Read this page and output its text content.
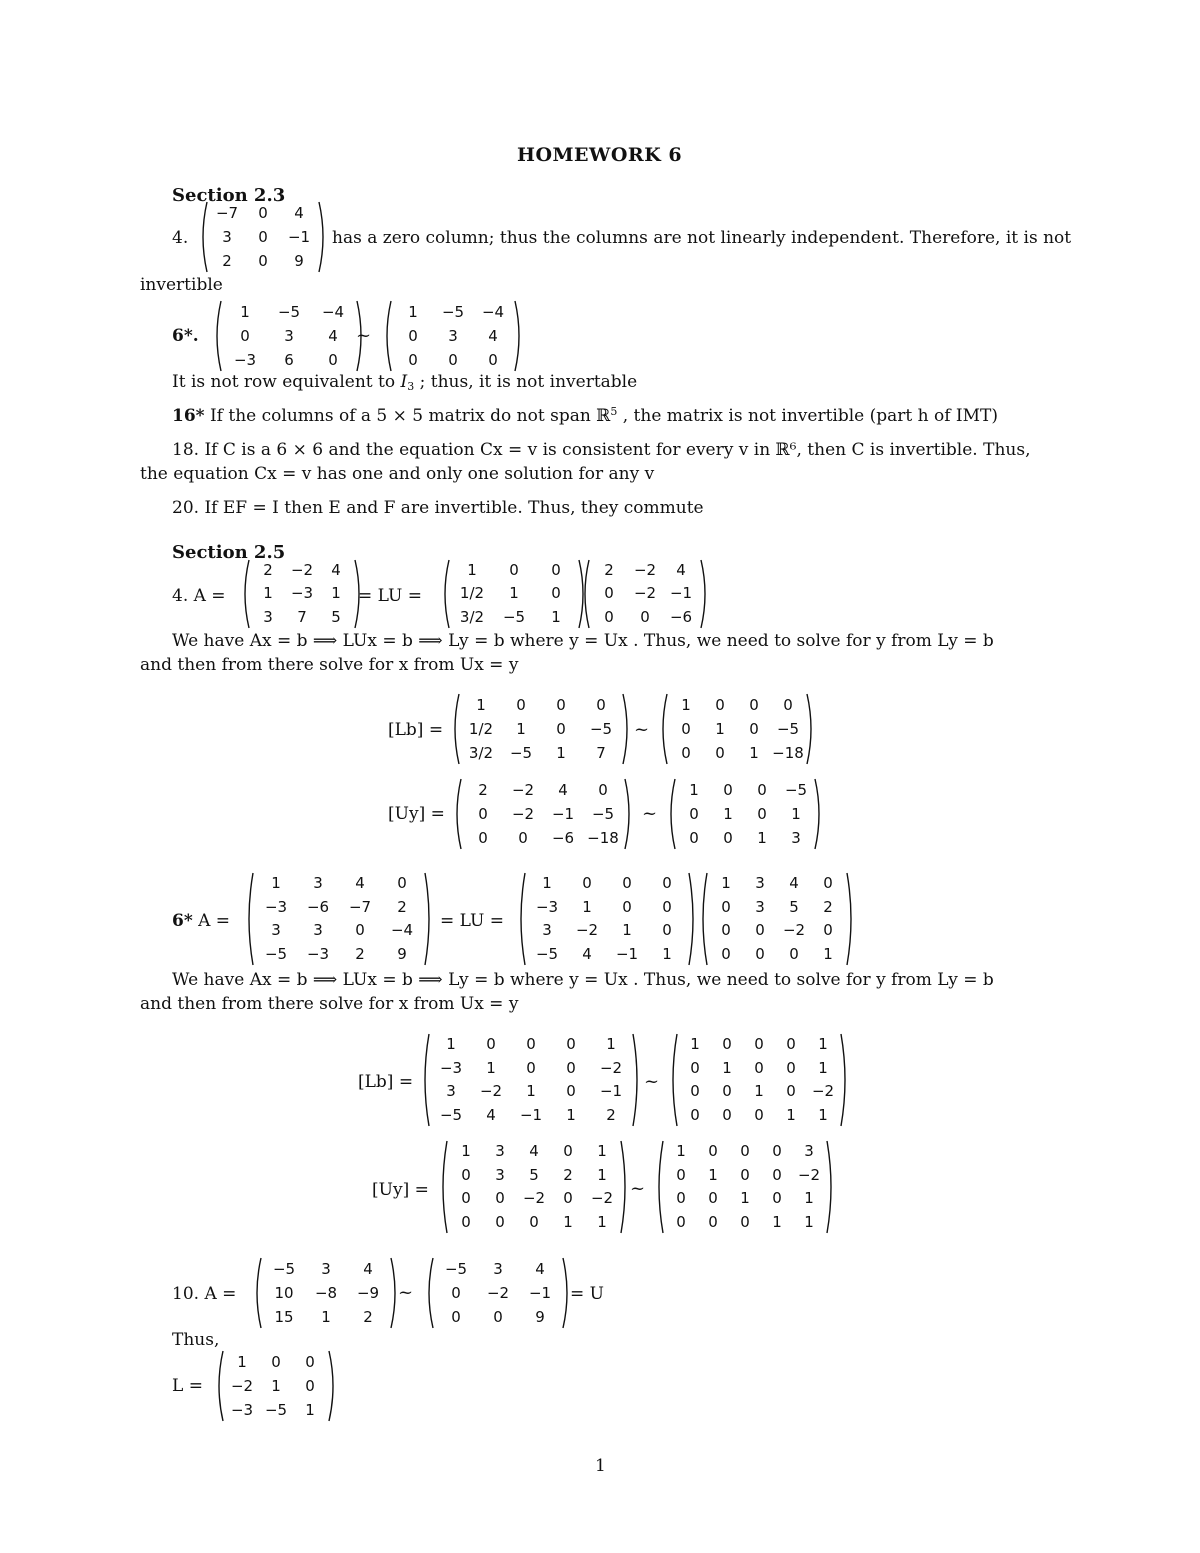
HOMEWORK 6
Section 2.3
4.
−7	0	4
3	0	−1
2	0	9
has a zero column; thus the columns are not linearly independent. Therefore, it is not
invertible
6*.
1	−5	−4
0	3	4
−3	6	0
~
1	−5	−4
0	3	4
0	0	0
It is not row equivalent to $I_3$ ; thus, it is not invertable
16* If the columns of a 5 × 5 matrix do not span ℝ$^5$ , the matrix is not invertible (part h of IMT)
18. If C is a 6 × 6 and the equation Cx = v is consistent for every v in ℝ⁶, then C is invertible. Thus,
the equation Cx = v has one and only one solution for any v
20. If EF = I then E and F are invertible. Thus, they commute
Section 2.5
4. A =
2	−2	4
1	−3	1
3	7	5
= LU =
1	0	0
1/2	1	0
3/2	−5	1
2	−2	4
0	−2	−1
0	0	−6
We have Ax = b ⟹ LUx = b ⟹ Ly = b where y = Ux . Thus, we need to solve for y from Ly = b
and then from there solve for x from Ux = y
[Lb] =
1	0	0	0
1/2	1	0	−5
3/2	−5	1	7
~
1	0	0	0
0	1	0	−5
0	0	1	−18
[Uy] =
2	−2	4	0
0	−2	−1	−5
0	0	−6	−18
~
1	0	0	−5
0	1	0	1
0	0	1	3
6* A =
1	3	4	0
−3	−6	−7	2
3	3	0	−4
−5	−3	2	9
= LU =
1	0	0	0
−3	1	0	0
3	−2	1	0
−5	4	−1	1
1	3	4	0
0	3	5	2
0	0	−2	0
0	0	0	1
We have Ax = b ⟹ LUx = b ⟹ Ly = b where y = Ux . Thus, we need to solve for y from Ly = b
and then from there solve for x from Ux = y
[Lb] =
1	0	0	0	1
−3	1	0	0	−2
3	−2	1	0	−1
−5	4	−1	1	2
~
1	0	0	0	1
0	1	0	0	1
0	0	1	0	−2
0	0	0	1	1
[Uy] =
1	3	4	0	1
0	3	5	2	1
0	0	−2	0	−2
0	0	0	1	1
~
1	0	0	0	3
0	1	0	0	−2
0	0	1	0	1
0	0	0	1	1
10. A =
−5	3	4
10	−8	−9
15	1	2
~
−5	3	4
0	−2	−1
0	0	9
= U
Thus,
L =
1	0	0
−2	1	0
−3	−5	1
1
